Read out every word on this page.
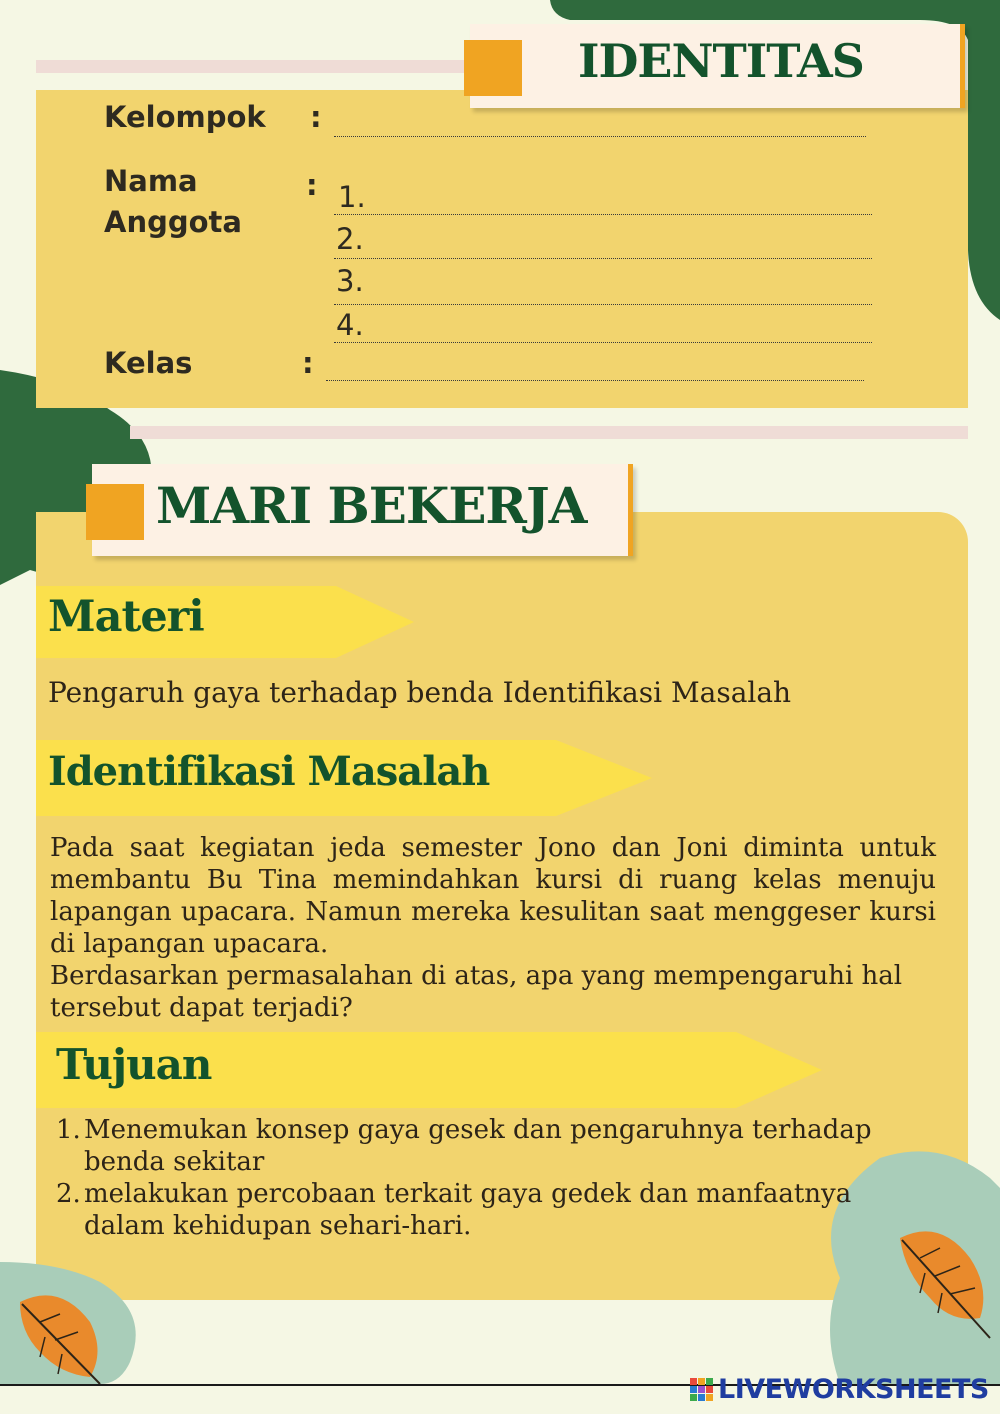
IDENTITAS
Kelompok :
Nama
Anggota
: 1.
2.
3.
4.
Kelas	:
MARI BEKERJA
Materi
Pengaruh gaya terhadap benda Identifikasi Masalah
Identifikasi Masalah
Pada saat kegiatan jeda semester Jono dan Joni diminta untuk membantu Bu Tina memindahkan kursi di ruang kelas menuju lapangan upacara. Namun mereka kesulitan saat menggeser kursi di lapangan upacara.
Berdasarkan permasalahan di atas, apa yang mempengaruhi hal tersebut dapat terjadi?
Tujuan
1. Menemukan konsep gaya gesek dan pengaruhnya terhadap benda sekitar
2. melakukan percobaan terkait gaya gedek dan manfaatnya dalam kehidupan sehari-hari.
LIVEWORKSHEETS
